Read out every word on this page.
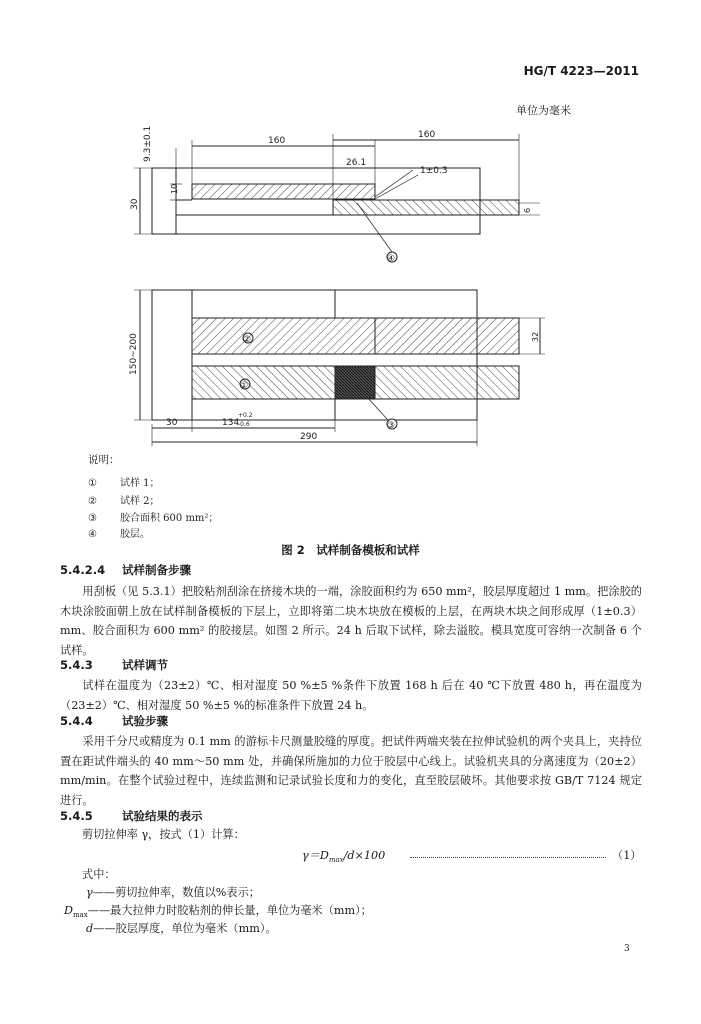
HG/T 4223—2011
单位为毫米
9.3±0.1
30
10
160
160
26.1
1±0.3
6
④
150~200	32
30	134
+0.2
-0.6
290
②
①
③
说明：
① 试样 1；
② 试样 2；
③ 胶合面积 600 mm²；
④ 胶层。
图 2　试样制备模板和试样
5.4.2.4 试样制备步骤
用刮板（见 5.3.1）把胶粘剂刮涂在挤接木块的一端，涂胶面积约为 650 mm²，胶层厚度超过 1 mm。把涂胶的木块涂胶面朝上放在试样制备模板的下层上，立即将第二块木块放在模板的上层，在两块木块之间形成厚（1±0.3）mm、胶合面积为 600 mm² 的胶接层。如图 2 所示。24 h 后取下试样，除去溢胶。模具宽度可容纳一次制备 6 个试样。
5.4.3	试样调节
试样在温度为（23±2）℃、相对湿度 50 %±5 %条件下放置 168 h 后在 40 ℃下放置 480 h，再在温度为（23±2）℃、相对湿度 50 %±5 %的标准条件下放置 24 h。
5.4.4	试验步骤
采用千分尺或精度为 0.1 mm 的游标卡尺测量胶缝的厚度。把试件两端夹装在拉伸试验机的两个夹具上，夹持位置在距试件端头的 40 mm～50 mm 处，并确保所施加的力位于胶层中心线上。试验机夹具的分离速度为（20±2）mm/min。在整个试验过程中，连续监测和记录试验长度和力的变化，直至胶层破坏。其他要求按 GB/T 7124 规定进行。
5.4.5	试验结果的表示
剪切拉伸率 γ，按式（1）计算：
$\gamma=D_{max}/d\times 100$	（1）
式中：
γ——剪切拉伸率，数值以%表示；
$D_{max}——$最大拉伸力时胶粘剂的伸长量，单位为毫米（mm）；
d——胶层厚度，单位为毫米（mm）。
3
